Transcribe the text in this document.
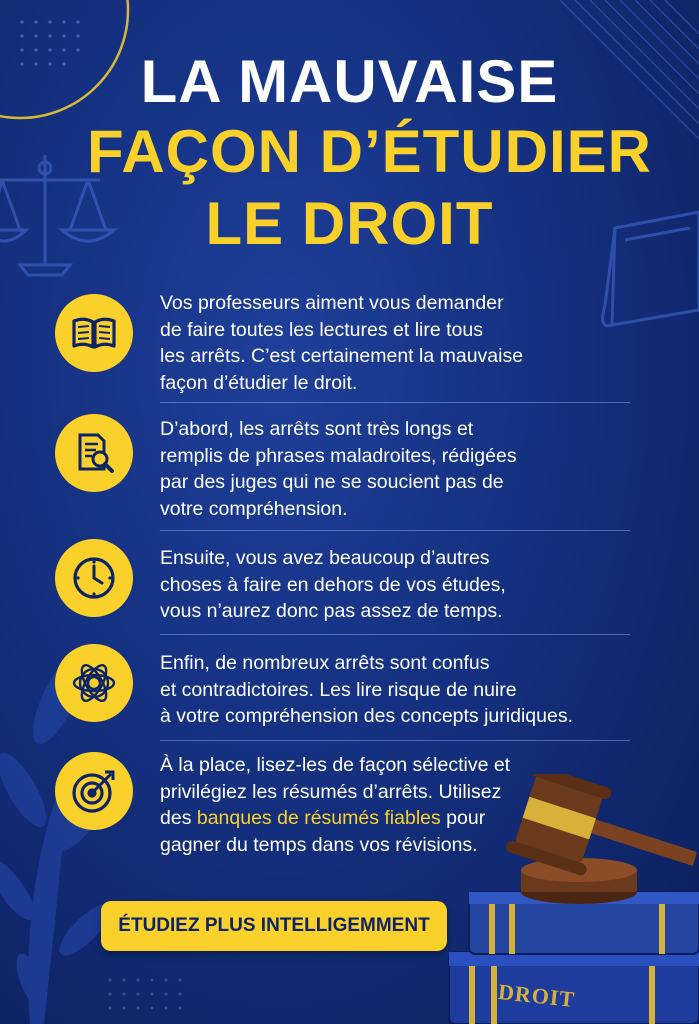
DROIT
LA MAUVAISE
FAÇON D’ÉTUDIER
LE DROIT
Vos professeurs aiment vous demander
de faire toutes les lectures et lire tous
les arrêts. C’est certainement la mauvaise
façon d’étudier le droit.
D’abord, les arrêts sont très longs et
remplis de phrases maladroites, rédigées
par des juges qui ne se soucient pas de
votre compréhension.
Ensuite, vous avez beaucoup d’autres
choses à faire en dehors de vos études,
vous n’aurez donc pas assez de temps.
Enfin, de nombreux arrêts sont confus
et contradictoires. Les lire risque de nuire
à votre compréhension des concepts juridiques.
À la place, lisez-les de façon sélective et
privilégiez les résumés d’arrêts. Utilisez
des banques de résumés fiables pour
gagner du temps dans vos révisions.
ÉTUDIEZ PLUS INTELLIGEMMENT
